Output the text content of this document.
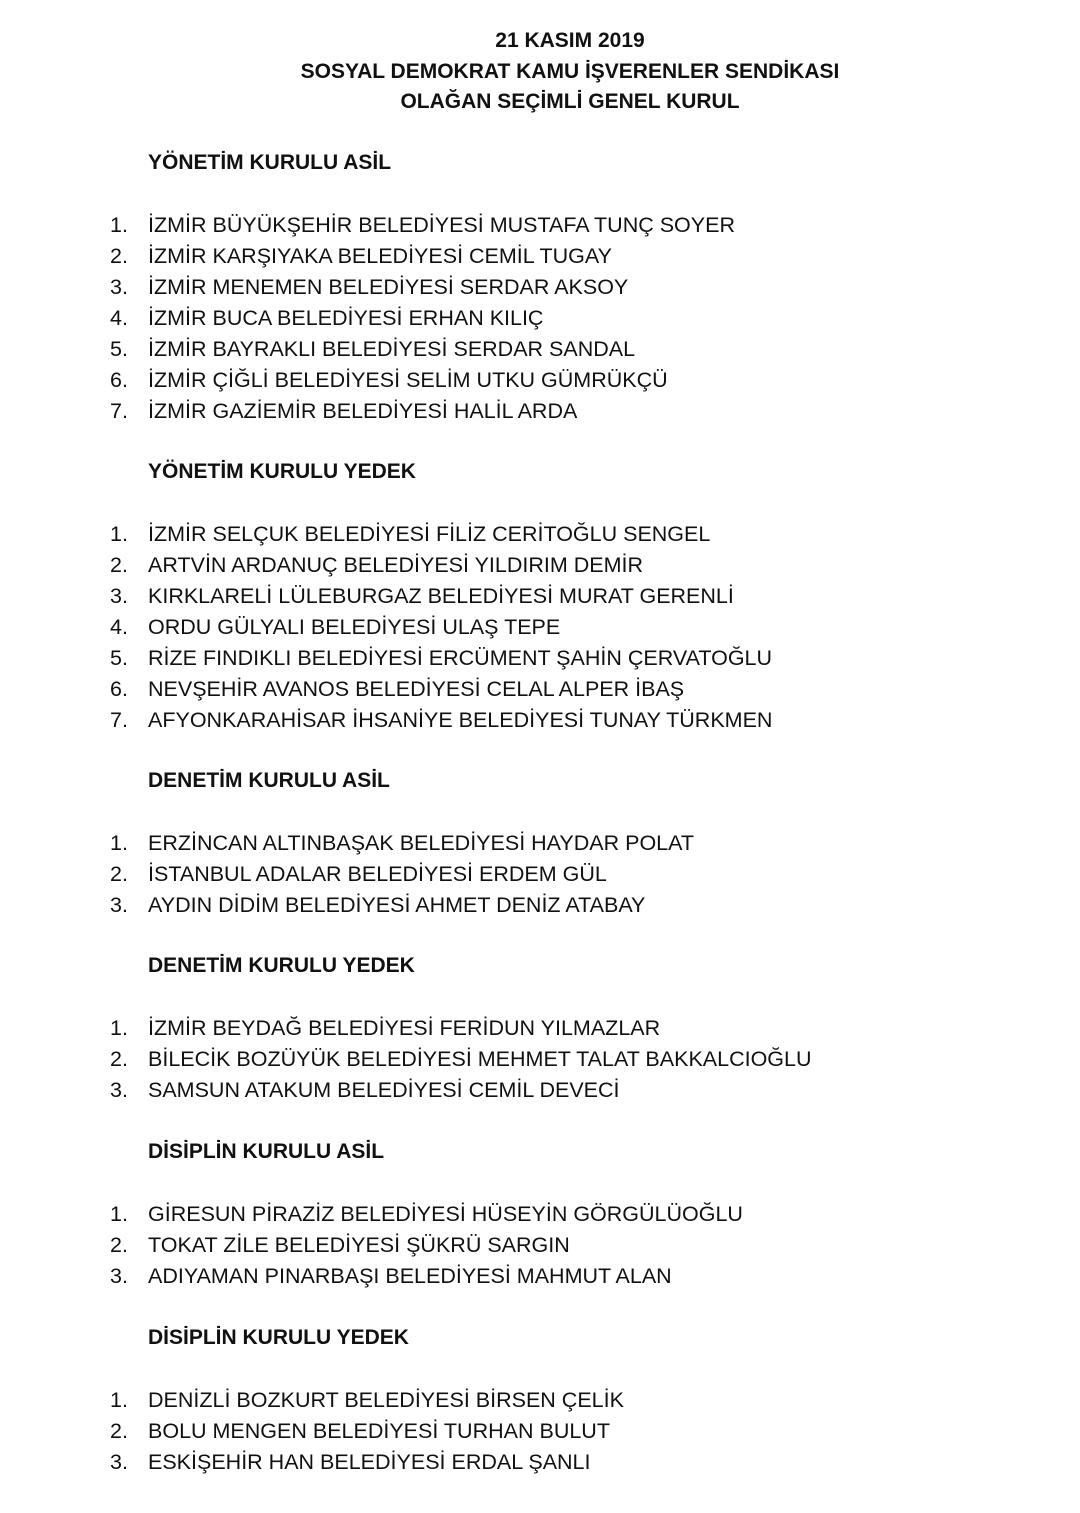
21 KASIM 2019
SOSYAL DEMOKRAT KAMU İŞVERENLER SENDİKASI
OLAĞAN SEÇİMLİ GENEL KURUL
YÖNETİM KURULU ASİL
1. İZMİR BÜYÜKŞEHİR BELEDİYESİ MUSTAFA TUNÇ SOYER
2. İZMİR KARŞIYAKA BELEDİYESİ CEMİL TUGAY
3. İZMİR MENEMEN BELEDİYESİ SERDAR AKSOY
4. İZMİR BUCA BELEDİYESİ ERHAN KILIÇ
5. İZMİR BAYRAKLI BELEDİYESİ SERDAR SANDAL
6. İZMİR ÇİĞLİ BELEDİYESİ SELİM UTKU GÜMRÜKÇÜ
7. İZMİR GAZİEMİR BELEDİYESİ HALİL ARDA
YÖNETİM KURULU YEDEK
1. İZMİR SELÇUK BELEDİYESİ FİLİZ CERİTOĞLU SENGEL
2. ARTVİN ARDANUÇ BELEDİYESİ YILDIRIM DEMİR
3. KIRKLARELİ LÜLEBURGAZ BELEDİYESİ MURAT GERENLİ
4. ORDU GÜLYALI BELEDİYESİ ULAŞ TEPE
5. RİZE FINDIKLI BELEDİYESİ ERCÜMENT ŞAHİN ÇERVATOĞLU
6. NEVŞEHİR AVANOS BELEDİYESİ CELAL ALPER İBAŞ
7. AFYONKARAHİSAR İHSANİYE BELEDİYESİ TUNAY TÜRKMEN
DENETİM KURULU ASİL
1. ERZİNCAN ALTINBAŞAK BELEDİYESİ HAYDAR POLAT
2. İSTANBUL ADALAR BELEDİYESİ ERDEM GÜL
3. AYDIN DİDİM BELEDİYESİ AHMET DENİZ ATABAY
DENETİM KURULU YEDEK
1. İZMİR BEYDAĞ BELEDİYESİ FERİDUN YILMAZLAR
2. BİLECİK BOZÜYÜK BELEDİYESİ MEHMET TALAT BAKKALCIOĞLU
3. SAMSUN ATAKUM BELEDİYESİ CEMİL DEVECİ
DİSİPLİN KURULU ASİL
1. GİRESUN PİRAZİZ BELEDİYESİ HÜSEYİN GÖRGÜLÜOĞLU
2. TOKAT ZİLE BELEDİYESİ ŞÜKRÜ SARGIN
3. ADIYAMAN PINARBAŞI BELEDİYESİ MAHMUT ALAN
DİSİPLİN KURULU YEDEK
1. DENİZLİ BOZKURT BELEDİYESİ BİRSEN ÇELİK
2. BOLU MENGEN BELEDİYESİ TURHAN BULUT
3. ESKİŞEHİR HAN BELEDİYESİ ERDAL ŞANLI
